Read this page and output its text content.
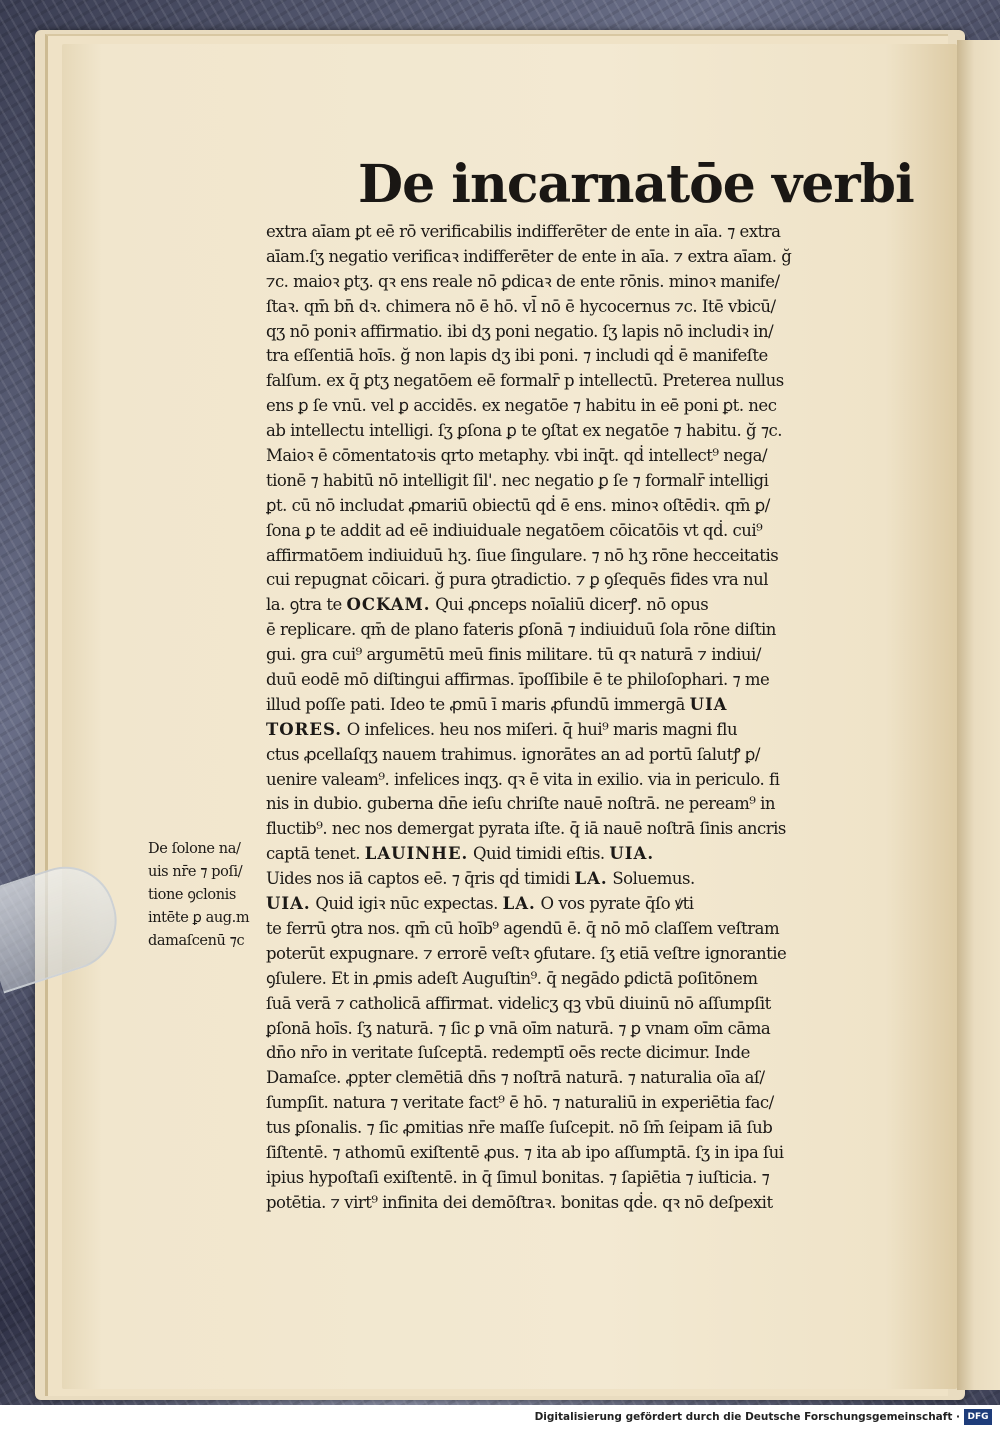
De incarnatōe verbi
extra aīam ꝑt eē rō verificabilis indifferēter de ente in aīa. ⁊ extra
aīam.ſʒ negatio verificaꝛ indifferēter de ente in aīa. ⁊ extra aīam. ğ
⁊c. maioꝛ ꝑtʒ. qꝛ ens reale nō ꝑdicaꝛ de ente rōnis. minoꝛ manife/
ſtaꝛ. qm̄ bn̄ dꝛ. chimera nō ē hō. vl̄ nō ē hycocernus ⁊c. Itē vbicū/
qʒ nō poniꝛ affirmatio. ibi dʒ poni negatio. ſʒ lapis nō includiꝛ in/
tra eſſentiā hoīs. ğ non lapis dʒ ibi poni. ⁊ includi qḋ ē manifeſte
falſum. ex q̄ ꝑtʒ negatōem eē formalr̄ p intellectū. Preterea nullus
ens ꝑ ſe vnū. vel ꝑ accidēs. ex negatōe ⁊ habitu in eē poni ꝑt. nec
ab intellectu intelligi. ſʒ ꝑſona ꝑ te ꝯſtat ex negatōe ⁊ habitu. ğ ⁊c.
Maioꝛ ē cōmentatoꝛis qrto metaphy. vbi inq̄t. qḋ intellect⁹ nega/
tionē ⁊ habitū nō intelligit ſil'. nec negatio ꝑ ſe ⁊ formalr̄ intelligi
ꝑt. cū nō includat ꝓmariū obiectū qḋ ē ens. minoꝛ oſtēdiꝛ. qm̄ ꝑ/
ſona ꝑ te addit ad eē indiuiduale negatōem cōicatōis vt qḋ. cui⁹
affirmatōem indiuiduū hʒ. ſiue ſingulare. ⁊ nō hʒ rōne hecceitatis
cui repugnat cōicari. ğ pura ꝯtradictio. ⁊ ꝑ ꝯſequēs fides vra nul
la. ꝯtra te OCKAM. Qui ꝓnceps noīaliū dicerꝭ. nō opus
ē replicare. qm̄ de plano fateris ꝑſonā ⁊ indiuiduū ſola rōne diſtin
gui. gra cui⁹ argumētū meū finis militare. tū qꝛ naturā ⁊ indiui/
duū eodē mō diſtingui affirmas. īpoſſibile ē te philoſophari. ⁊ me
illud poſſe pati. Ideo te ꝓmū ī maris ꝓfundū immergā UIA
TORES. O infelices. heu nos miſeri. q̄ hui⁹ maris magni flu
ctus ꝓcellaſqʒ nauem trahimus. ignorātes an ad portū ſalutꝭ ꝑ/
uenire valeam⁹. infelices inqʒ. qꝛ ē vita in exilio. via in periculo. fi
nis in dubio. guberna dn̄e ieſu chriſte nauē noſtrā. ne peream⁹ in
fluctib⁹. nec nos demergat pyrata iſte. q̄ iā nauē noſtrā ſinis ancris
captā tenet. LAUINHE. Quid timidi eſtis. UIA.
Uides nos iā captos eē. ⁊ q̄ris qḋ timidi LA. Soluemus.
UIA. Quid igiꝛ nūc expectas. LA. O vos pyrate q̄ſo ꝟti
te ferrū ꝯtra nos. qm̄ cū hoīb⁹ agendū ē. q̄ nō mō claſſem veſtram
poterūt expugnare. ⁊ errorē veſtꝛ ꝯfutare. ſʒ etiā veſtre ignorantie
ꝯſulere. Et in ꝓmis adeſt Auguſtin⁹. q̄ negādo ꝑdictā poſitōnem
ſuā verā ⁊ catholicā affirmat. videlicʒ qꝫ vbū diuinū nō aſſumpſit
ꝑſonā hoīs. ſʒ naturā. ⁊ ſic ꝑ vnā oīm naturā. ⁊ ꝑ vnam oīm cāma
dn̄o nr̄o in veritate ſuſceptā. redemptī oēs recte dicimur. Inde
Damaſce. ꝓpter clemētiā dn̄s ⁊ noſtrā naturā. ⁊ naturalia oīa aſ/
ſumpſit. natura ⁊ veritate fact⁹ ē hō. ⁊ naturaliū in experiētia fac/
tus ꝑſonalis. ⁊ ſic ꝓmitias nr̄e maſſe ſuſcepit. nō ſm̄ ſeipam iā ſub
ſiſtentē. ⁊ athomū exiſtentē ꝓus. ⁊ ita ab ipo aſſumptā. ſʒ in ipa ſui
ipius hypoſtaſi exiſtentē. in q̄ ſimul bonitas. ⁊ ſapiētia ⁊ iuſticia. ⁊
potētia. ⁊ virt⁹ infinita dei demōſtraꝛ. bonitas qḋe. qꝛ nō deſpexit
De ſolone na/
uis nr̄e ⁊ poſi/
tione ꝯclonis
intēte ꝑ aug.m
damaſcenū ⁊c
Digitalisierung gefördert durch die Deutsche Forschungsgemeinschaft · DFG
